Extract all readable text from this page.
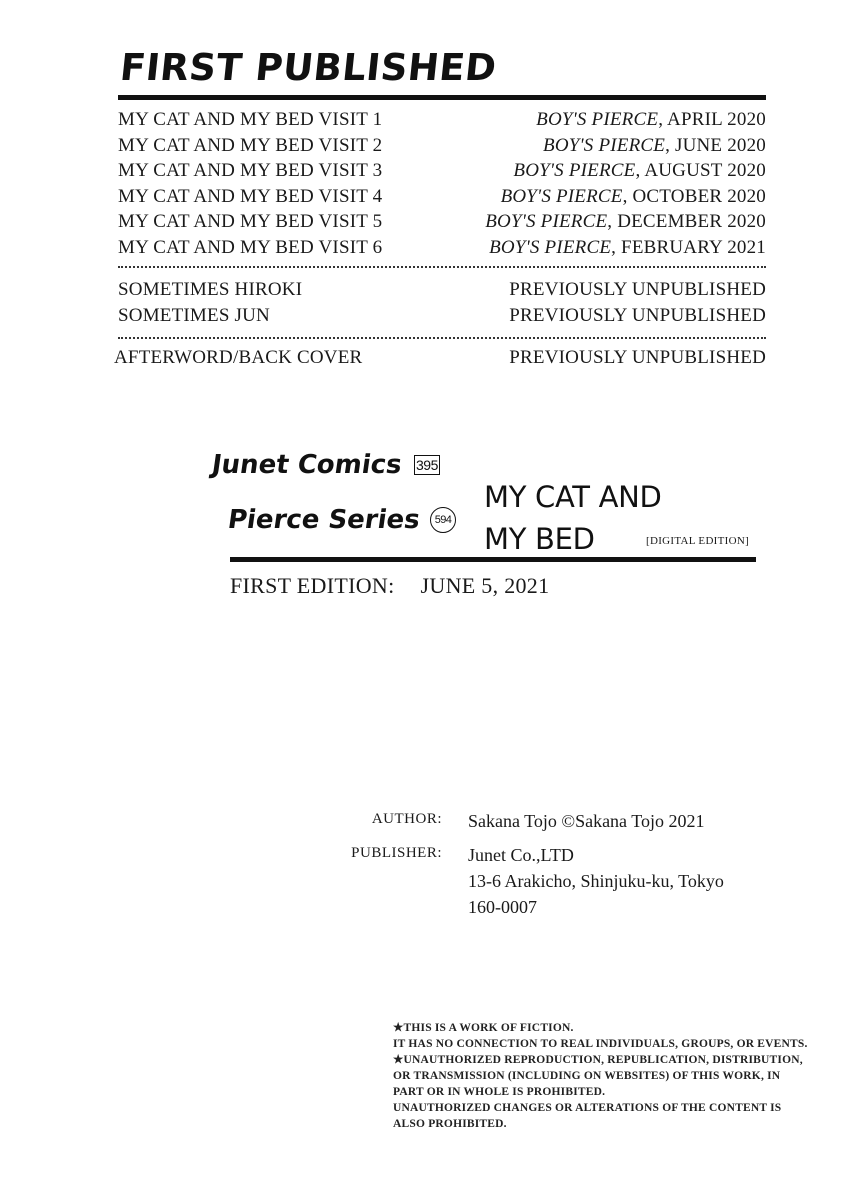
FIRST PUBLISHED
MY CAT AND MY BED VISIT 1	BOY'S PIERCE, APRIL 2020
MY CAT AND MY BED VISIT 2	BOY'S PIERCE, JUNE 2020
MY CAT AND MY BED VISIT 3	BOY'S PIERCE, AUGUST 2020
MY CAT AND MY BED VISIT 4	BOY'S PIERCE, OCTOBER 2020
MY CAT AND MY BED VISIT 5	BOY'S PIERCE, DECEMBER 2020
MY CAT AND MY BED VISIT 6	BOY'S PIERCE, FEBRUARY 2021
SOMETIMES HIROKI	PREVIOUSLY UNPUBLISHED
SOMETIMES JUN	PREVIOUSLY UNPUBLISHED
AFTERWORD/BACK COVER	PREVIOUSLY UNPUBLISHED
Junet Comics 395
Pierce Series	594
MY CAT AND
MY BED	[DIGITAL EDITION]
FIRST EDITION: JUNE 5, 2021
AUTHOR: Sakana Tojo ©Sakana Tojo 2021
PUBLISHER: Junet Co.,LTD
13-6 Arakicho, Shinjuku-ku, Tokyo
160-0007

★THIS IS A WORK OF FICTION.

IT HAS NO CONNECTION TO REAL INDIVIDUALS, GROUPS, OR EVENTS.

★UNAUTHORIZED REPRODUCTION, REPUBLICATION, DISTRIBUTION, OR TRANSMISSION (INCLUDING ON WEBSITES) OF THIS WORK, IN PART OR IN WHOLE IS PROHIBITED.

UNAUTHORIZED CHANGES OR ALTERATIONS OF THE CONTENT IS ALSO PROHIBITED.
